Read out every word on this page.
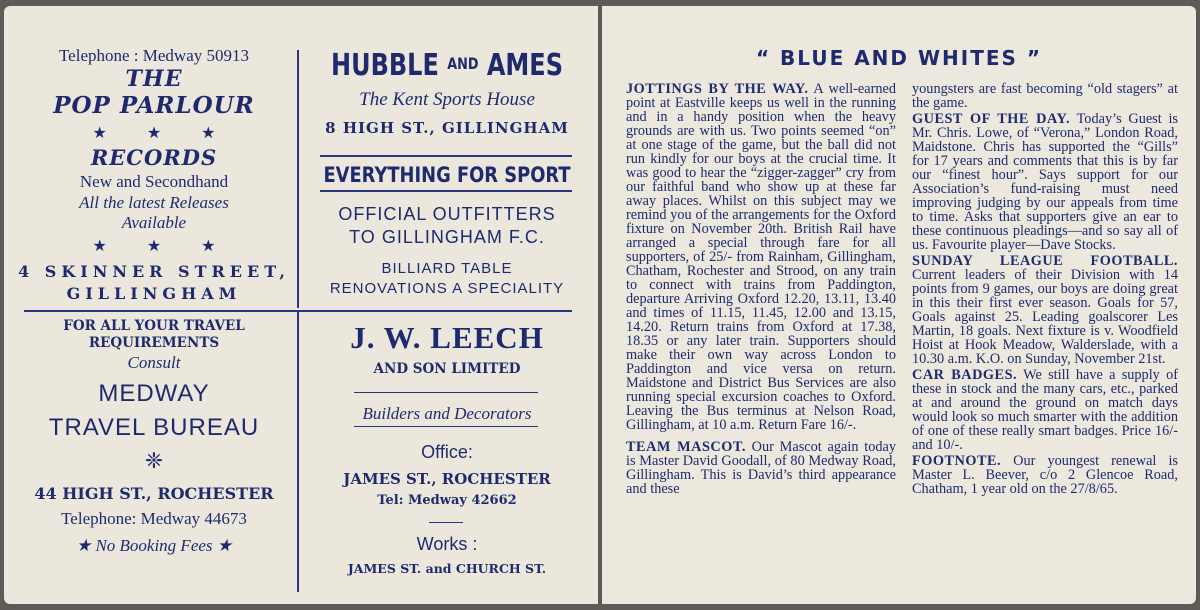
Telephone : Medway 50913
THE
POP PARLOUR
★ ★ ★
RECORDS
New and Secondhand
All the latest Releases
Available
★ ★ ★
4 SKINNER STREET,
GILLINGHAM
HUBBLE $^{AND}$ AMES
The Kent Sports House
8 HIGH ST., GILLINGHAM
EVERYTHING FOR SPORT
OFFICIAL OUTFITTERS
TO GILLINGHAM F.C.
BILLIARD TABLE
RENOVATIONS A SPECIALITY
FOR ALL YOUR TRAVEL
REQUIREMENTS
Consult
MEDWAY
TRAVEL BUREAU
❈
44 HIGH ST., ROCHESTER
Telephone: Medway 44673
★ No Booking Fees ★
J. W. LEECH
AND SON LIMITED
Builders and Decorators
Office:
JAMES ST., ROCHESTER
Tel: Medway 42662
Works :
JAMES ST. and CHURCH ST.
“ BLUE AND WHITES ”

JOTTINGS BY THE WAY. A well-earned point at Eastville keeps us well in the running and in a handy position when the heavy grounds are with us. Two points seemed “on” at one stage of the game, but the ball did not run kindly for our boys at the crucial time. It was good to hear the “zigger-zagger” cry from our faithful band who show up at these far away places. Whilst on this subject may we remind you of the arrangements for the Oxford fixture on November 20th. British Rail have arranged a special through fare for all supporters, of 25/- from Rainham, Gillingham, Chatham, Rochester and Strood, on any train to connect with trains from Paddington, departure Arriving Oxford 12.20, 13.11, 13.40 and times of 11.15, 11.45, 12.00 and 13.15, 14.20. Return trains from Oxford at 17.38, 18.35 or any later train. Supporters should make their own way across London to Paddington and vice versa on return. Maidstone and District Bus Services are also running special excursion coaches to Oxford. Leaving the Bus terminus at Nelson Road, Gillingham, at 10 a.m. Return Fare 16/-.

TEAM MASCOT. Our Mascot again today is Master David Goodall, of 80 Medway Road, Gillingham. This is David’s third appearance and these

youngsters are fast becoming “old stagers” at the game.

GUEST OF THE DAY. Today’s Guest is Mr. Chris. Lowe, of “Verona,” London Road, Maidstone. Chris has supported the “Gills” for 17 years and comments that this is by far our “finest hour”. Says support for our Association’s fund-raising must need improving judging by our appeals from time to time. Asks that supporters give an ear to these continuous pleadings—and so say all of us. Favourite player—Dave Stocks.

SUNDAY LEAGUE FOOTBALL. Current leaders of their Division with 14 points from 9 games, our boys are doing great in this their first ever season. Goals for 57, Goals against 25. Leading goalscorer Les Martin, 18 goals. Next fixture is v. Woodfield Hoist at Hook Meadow, Walderslade, with a 10.30 a.m. K.O. on Sunday, November 21st.

CAR BADGES. We still have a supply of these in stock and the many cars, etc., parked at and around the ground on match days would look so much smarter with the addition of one of these really smart badges. Price 16/- and 10/-.

FOOTNOTE. Our youngest renewal is Master L. Beever, c/o 2 Glencoe Road, Chatham, 1 year old on the 27/8/65.
